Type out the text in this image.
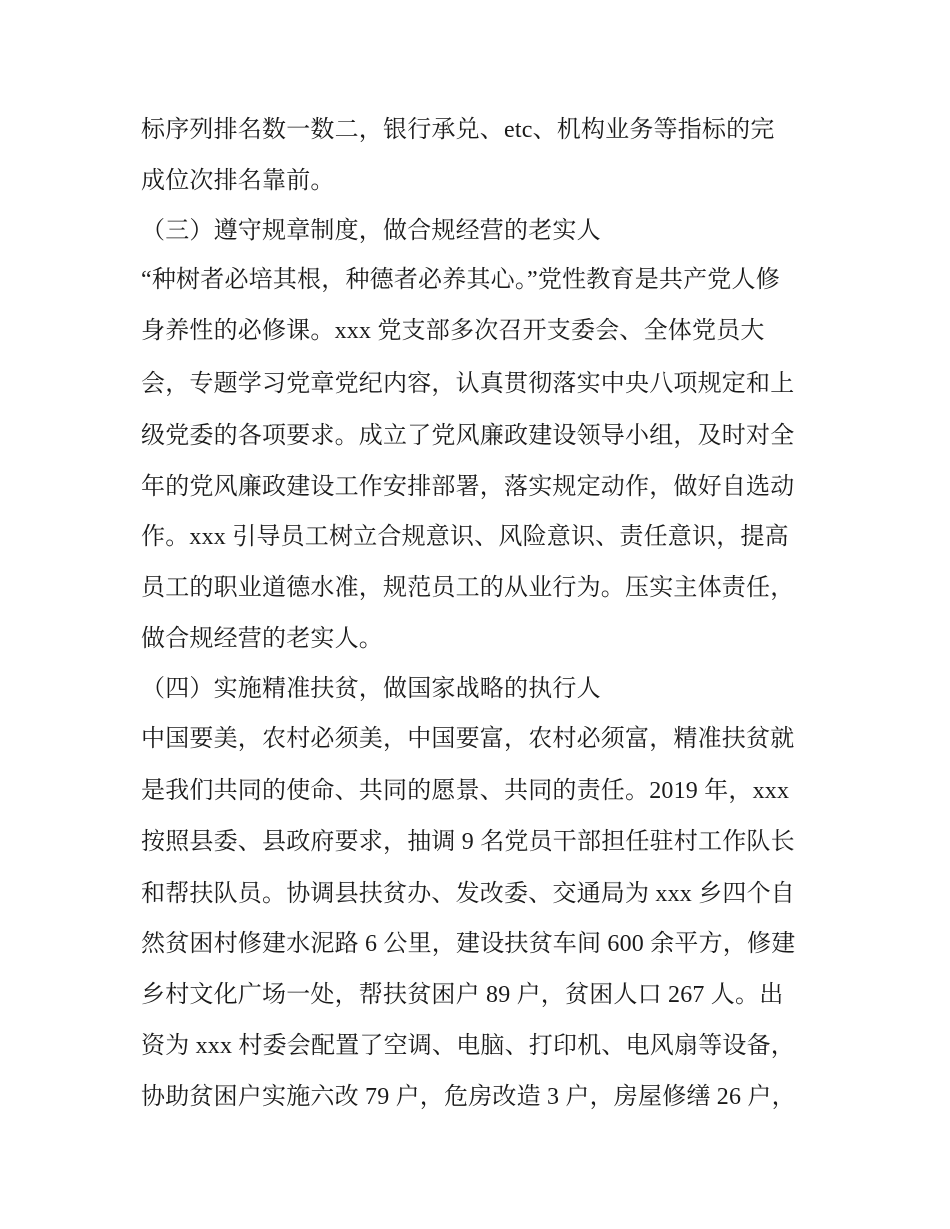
标序列排名数一数二，银行承兑、etc、机构业务等指标的完

成位次排名靠前。

（三）遵守规章制度，做合规经营的老实人

“种树者必培其根，种德者必养其心。”党性教育是共产党人修

身养性的必修课。xxx 党支部多次召开支委会、全体党员大

会，专题学习党章党纪内容，认真贯彻落实中央八项规定和上

级党委的各项要求。成立了党风廉政建设领导小组，及时对全

年的党风廉政建设工作安排部署，落实规定动作，做好自选动

作。xxx 引导员工树立合规意识、风险意识、责任意识，提高

员工的职业道德水准，规范员工的从业行为。压实主体责任，

做合规经营的老实人。

（四）实施精准扶贫，做国家战略的执行人

中国要美，农村必须美，中国要富，农村必须富，精准扶贫就

是我们共同的使命、共同的愿景、共同的责任。2019 年，xxx

按照县委、县政府要求，抽调 9 名党员干部担任驻村工作队长

和帮扶队员。协调县扶贫办、发改委、交通局为 xxx 乡四个自

然贫困村修建水泥路 6 公里，建设扶贫车间 600 余平方，修建

乡村文化广场一处，帮扶贫困户 89 户，贫困人口 267 人。出

资为 xxx 村委会配置了空调、电脑、打印机、电风扇等设备，

协助贫困户实施六改 79 户，危房改造 3 户，房屋修缮 26 户，
